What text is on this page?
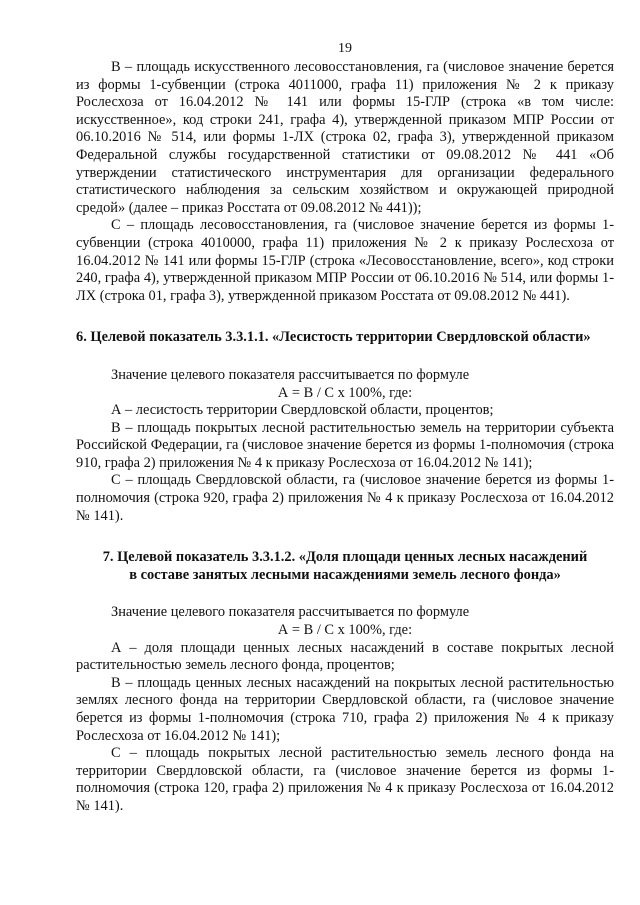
19

В – площадь искусственного лесовосстановления, га (числовое значение берется из формы 1-субвенции (строка 4011000, графа 11) приложения № 2 к приказу Рослесхоза от 16.04.2012 № 141 или формы 15-ГЛР (строка «в том числе: искусственное», код строки 241, графа 4), утвержденной приказом МПР России от 06.10.2016 № 514, или формы 1-ЛХ (строка 02, графа 3), утвержденной приказом Федеральной службы государственной статистики от 09.08.2012 № 441 «Об утверждении статистического инструментария для организации федерального статистического наблюдения за сельским хозяйством и окружающей природной средой» (далее – приказ Росстата от 09.08.2012 № 441));

С – площадь лесовосстановления, га (числовое значение берется из формы 1-субвенции (строка 4010000, графа 11) приложения № 2 к приказу Рослесхоза от 16.04.2012 № 141 или формы 15-ГЛР (строка «Лесовосстановление, всего», код строки 240, графа 4), утвержденной приказом МПР России от 06.10.2016 № 514, или формы 1-ЛХ (строка 01, графа 3), утвержденной приказом Росстата от 09.08.2012 № 441).

6. Целевой показатель 3.3.1.1. «Лесистость территории Свердловской области»

Значение целевого показателя рассчитывается по формуле

А = В / С х 100%, где:

А – лесистость территории Свердловской области, процентов;

В – площадь покрытых лесной растительностью земель на территории субъекта Российской Федерации, га (числовое значение берется из формы 1-полномочия (строка 910, графа 2) приложения № 4 к приказу Рослесхоза от 16.04.2012 № 141);

С – площадь Свердловской области, га (числовое значение берется из формы 1-полномочия (строка 920, графа 2) приложения № 4 к приказу Рослесхоза от 16.04.2012 № 141).

7. Целевой показатель 3.3.1.2. «Доля площади ценных лесных насаждений
в составе занятых лесными насаждениями земель лесного фонда»

Значение целевого показателя рассчитывается по формуле

А = В / С х 100%, где:

А – доля площади ценных лесных насаждений в составе покрытых лесной растительностью земель лесного фонда, процентов;

В – площадь ценных лесных насаждений на покрытых лесной растительностью землях лесного фонда на территории Свердловской области, га (числовое значение берется из формы 1-полномочия (строка 710, графа 2) приложения № 4 к приказу Рослесхоза от 16.04.2012 № 141);

С – площадь покрытых лесной растительностью земель лесного фонда на территории Свердловской области, га (числовое значение берется из формы 1-полномочия (строка 120, графа 2) приложения № 4 к приказу Рослесхоза от 16.04.2012 № 141).
